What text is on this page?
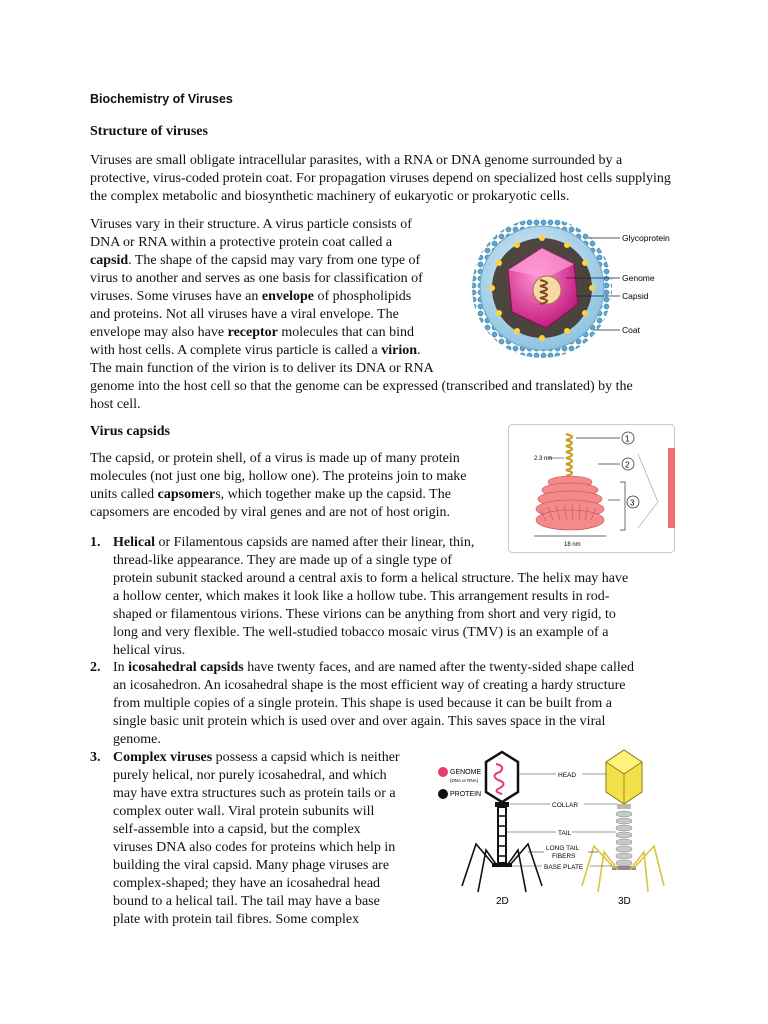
Biochemistry of Viruses
Structure of viruses

Viruses are small obligate intracellular parasites, with a RNA or DNA genome surrounded by a protective, virus-coded protein coat. For propagation viruses depend on specialized host cells supplying the complex metabolic and biosynthetic machinery of eukaryotic or prokaryotic cells.

Viruses vary in their structure. A virus particle consists of
DNA or RNA within a protective protein coat called a
capsid. The shape of the capsid may vary from one type of
virus to another and serves as one basis for classification of
viruses. Some viruses have an envelope of phospholipids
and proteins. Not all viruses have a viral envelope. The
envelope may also have receptor molecules that can bind
with host cells. A complete virus particle is called a virion.
The main function of the virion is to deliver its DNA or RNA
genome into the host cell so that the genome can be expressed (transcribed and translated) by the
host cell.
Glycoprotein
Genome
Capsid
Coat
Virus capsids
The capsid, or protein shell, of a virus is made up of many protein
molecules (not just one big, hollow one). The proteins join to make
units called capsomers, which together make up the capsid. The
capsomers are encoded by viral genes and are not of host origin.
18 nm
2.3 nm
1
2
3
1. Helical or Filamentous capsids are named after their linear, thin,
thread-like appearance. They are made up of a single type of
protein subunit stacked around a central axis to form a helical structure. The helix may have
a hollow center, which makes it look like a hollow tube. This arrangement results in rod-
shaped or filamentous virions. These virions can be anything from short and very rigid, to
long and very flexible. The well-studied tobacco mosaic virus (TMV) is an example of a
helical virus.
2. In icosahedral capsids have twenty faces, and are named after the twenty-sided shape called
an icosahedron. An icosahedral shape is the most efficient way of creating a hardy structure
from multiple copies of a single protein. This shape is used because it can be built from a
single basic unit protein which is used over and over again. This saves space in the viral
genome.
3. Complex viruses possess a capsid which is neither
purely helical, nor purely icosahedral, and which
may have extra structures such as protein tails or a
complex outer wall. Viral protein subunits will
self-assemble into a capsid, but the complex
viruses DNA also codes for proteins which help in
building the viral capsid. Many phage viruses are
complex-shaped; they have an icosahedral head
bound to a helical tail. The tail may have a base
plate with protein tail fibres. Some complex
GENOME
(DNA or RNA)
PROTEIN
HEAD
COLLAR
TAIL
LONG TAIL
FIBERS
BASE PLATE
2D	3D
